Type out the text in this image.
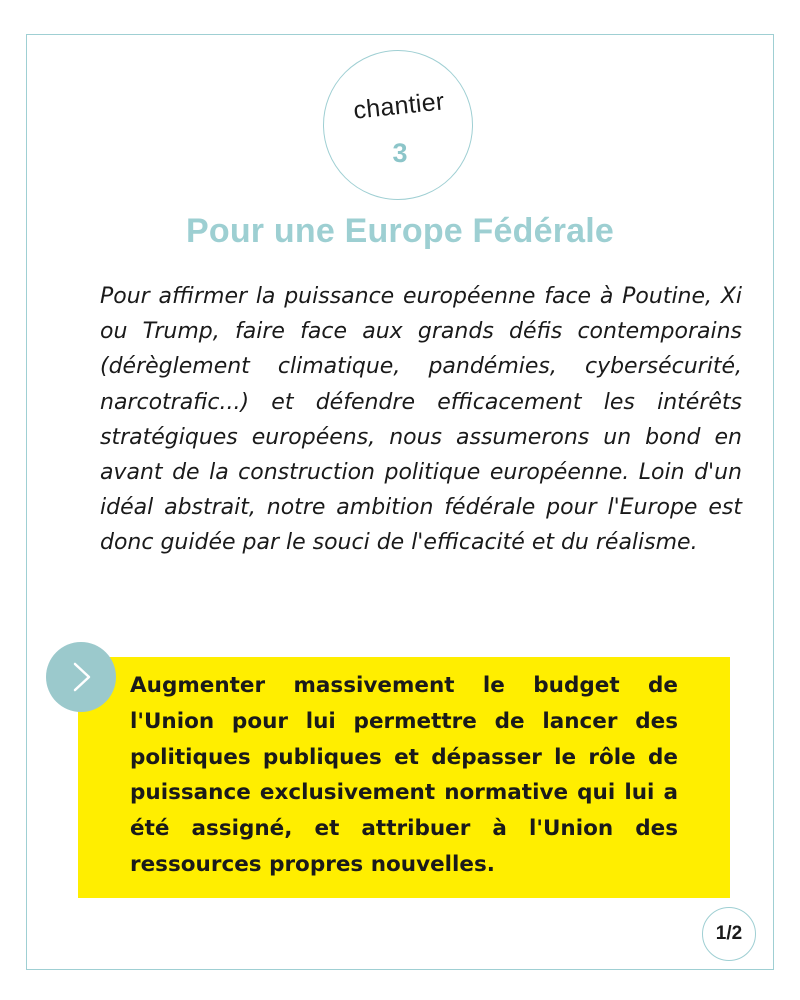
chantier
3
Pour une Europe Fédérale

Pour affirmer la puissance européenne face à Poutine, Xi ou Trump, faire face aux grands défis contemporains (dérèglement climatique, pandémies, cybersécurité, narcotrafic...) et défendre efficacement les intérêts stratégiques européens, nous assumerons un bond en avant de la construction politique européenne. Loin d'un idéal abstrait, notre ambition fédérale pour l'Europe est donc guidée par le souci de l'efficacité et du réalisme.

Augmenter massivement le budget de l'Union pour lui permettre de lancer des politiques publiques et dépasser le rôle de puissance exclusivement normative qui lui a été assigné, et attribuer à l'Union des ressources propres nouvelles.

1/2
